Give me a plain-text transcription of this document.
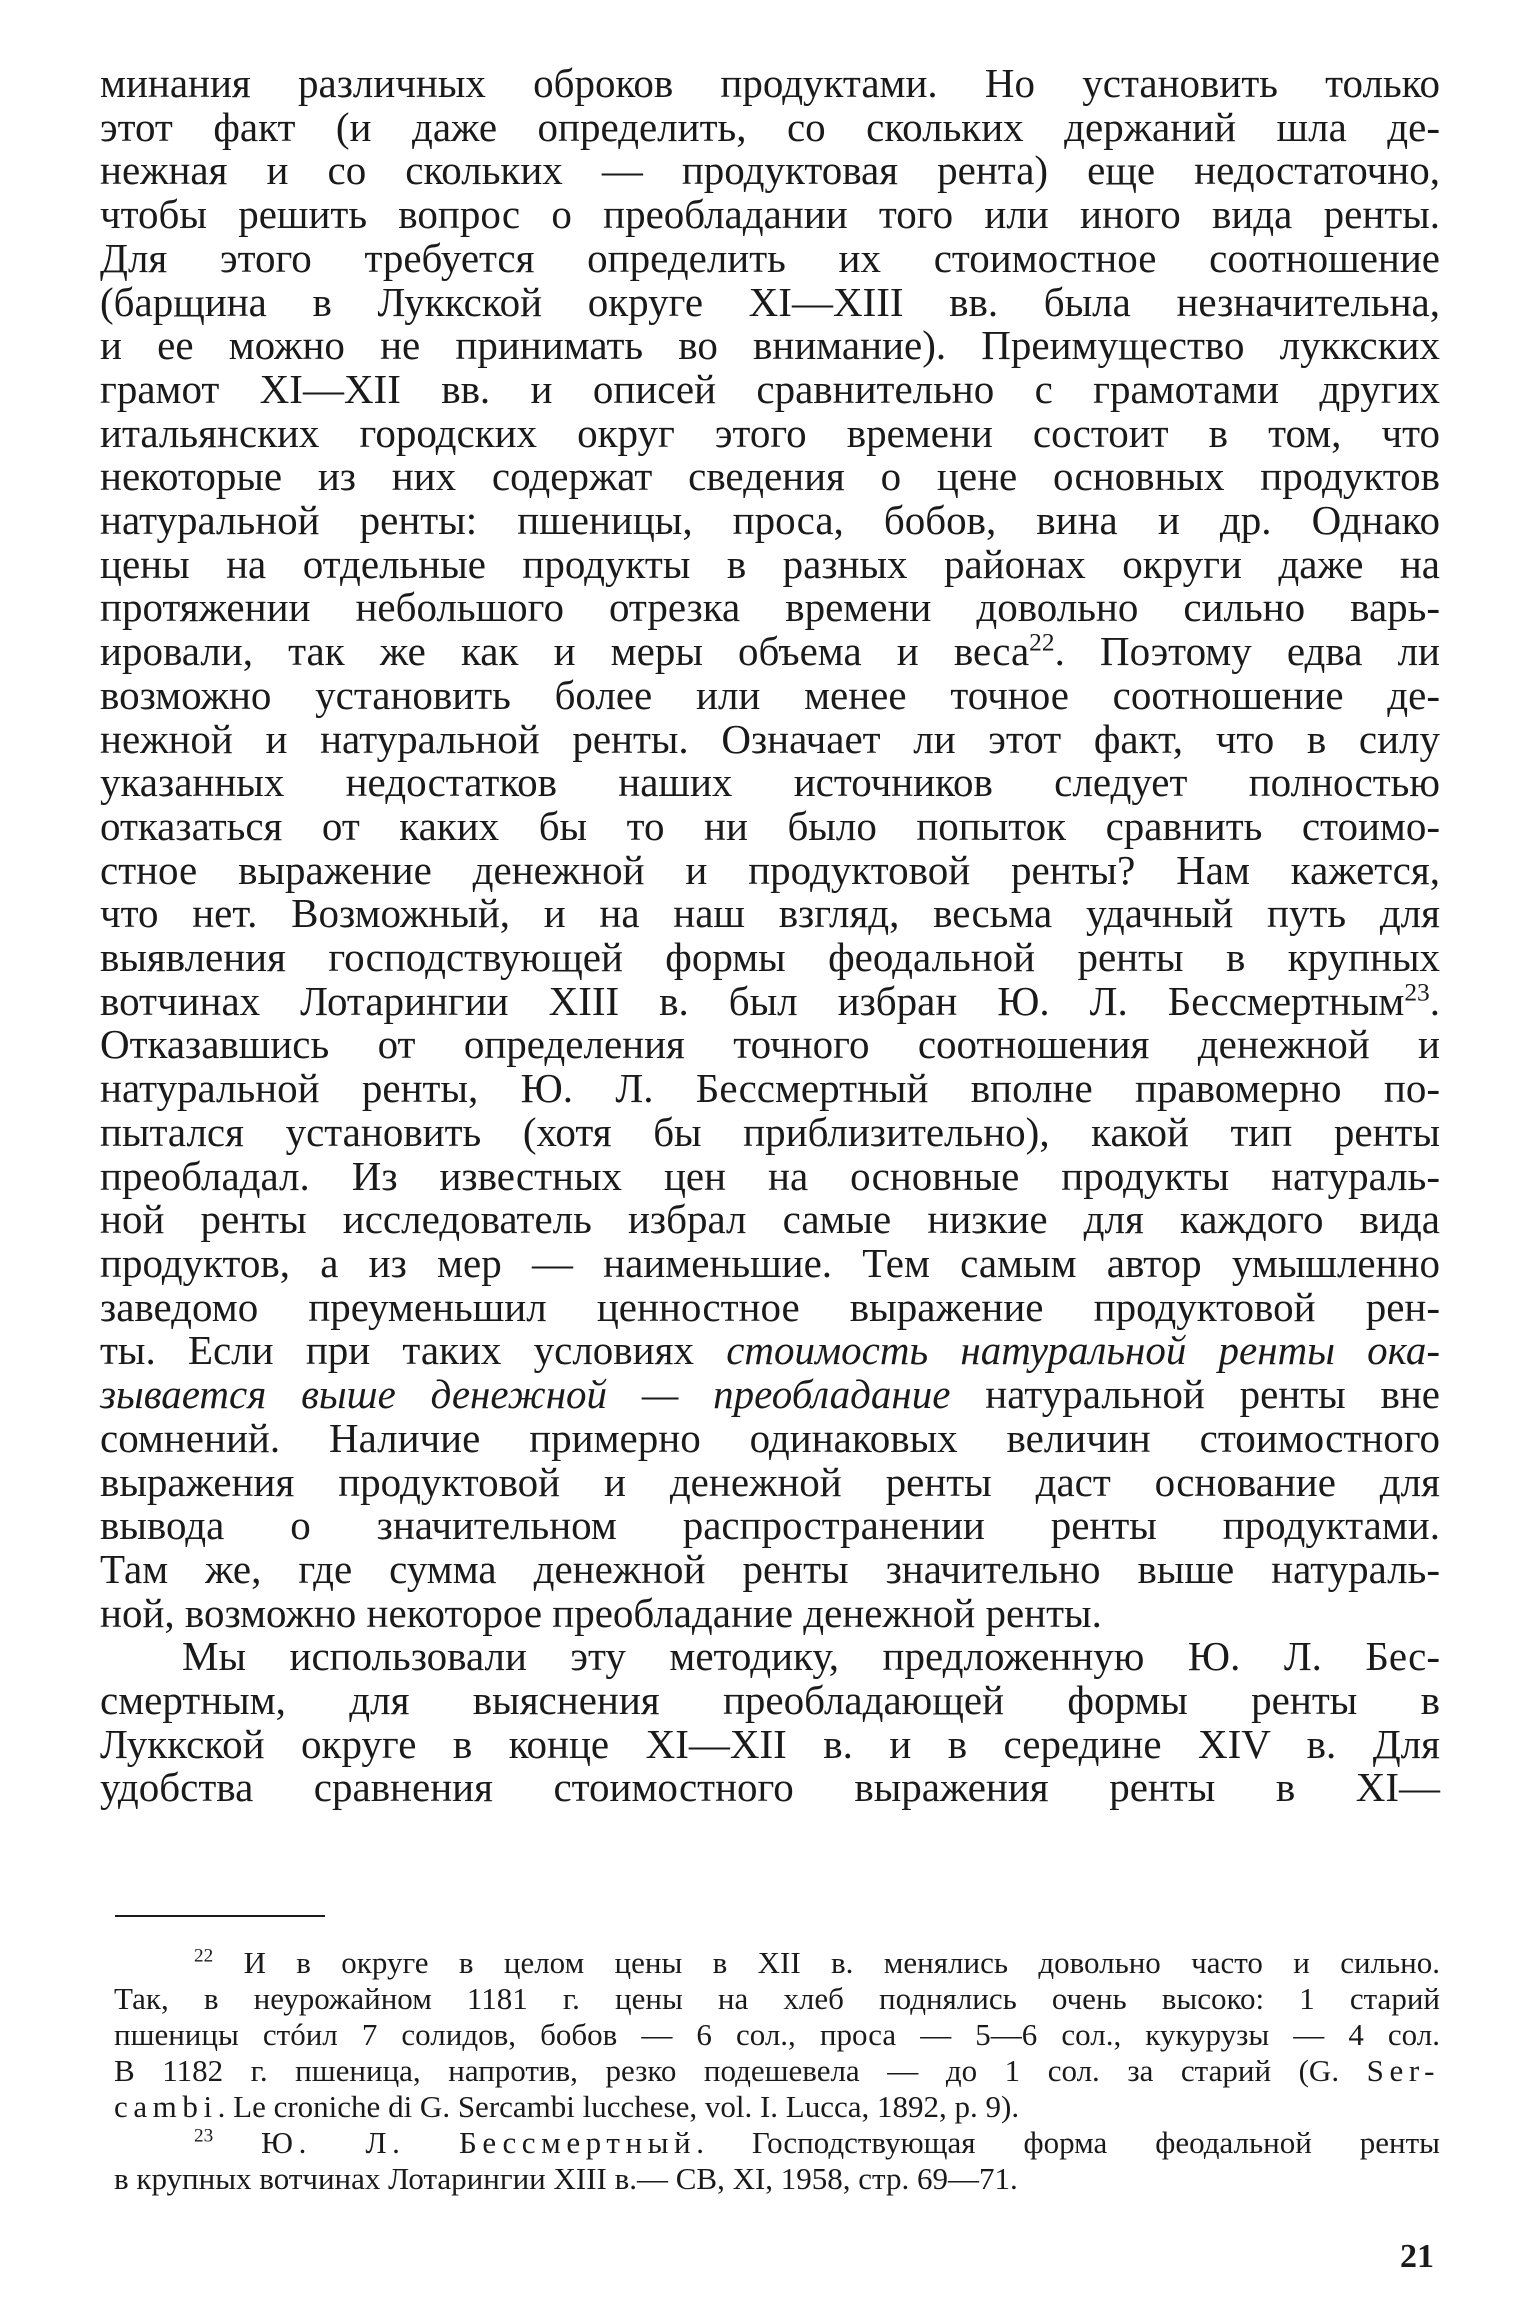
минания различных оброков продуктами. Но установить только
этот факт (и даже определить, со скольких держаний шла де-
нежная и со скольких — продуктовая рента) еще недостаточно,
чтобы решить вопрос о преобладании того или иного вида ренты.
Для этого требуется определить их стоимостное соотношение
(барщина в Луккской округе XI—XIII вв. была незначительна,
и ее можно не принимать во внимание). Преимущество луккских
грамот XI—XII вв. и описей сравнительно с грамотами других
итальянских городских округ этого времени состоит в том, что
некоторые из них содержат сведения о цене основных продуктов
натуральной ренты: пшеницы, проса, бобов, вина и др. Однако
цены на отдельные продукты в разных районах округи даже на
протяжении небольшого отрезка времени довольно сильно варь-
ировали, так же как и меры объема и веса$^{22}$. Поэтому едва ли
возможно установить более или менее точное соотношение де-
нежной и натуральной ренты. Означает ли этот факт, что в силу
указанных недостатков наших источников следует полностью
отказаться от каких бы то ни было попыток сравнить стоимо-
стное выражение денежной и продуктовой ренты? Нам кажется,
что нет. Возможный, и на наш взгляд, весьма удачный путь для
выявления господствующей формы феодальной ренты в крупных
вотчинах Лотарингии XIII в. был избран Ю. Л. Бессмертным$^{23}$.
Отказавшись от определения точного соотношения денежной и
натуральной ренты, Ю. Л. Бессмертный вполне правомерно по-
пытался установить (хотя бы приблизительно), какой тип ренты
преобладал. Из известных цен на основные продукты натураль-
ной ренты исследователь избрал самые низкие для каждого вида
продуктов, а из мер — наименьшие. Тем самым автор умышленно
заведомо преуменьшил ценностное выражение продуктовой рен-
ты. Если при таких условиях стоимость натуральной ренты ока-
зывается выше денежной — преобладание натуральной ренты вне
сомнений. Наличие примерно одинаковых величин стоимостного
выражения продуктовой и денежной ренты даст основание для
вывода о значительном распространении ренты продуктами.
Там же, где сумма денежной ренты значительно выше натураль-
ной, возможно некоторое преобладание денежной ренты.
Мы использовали эту методику, предложенную Ю. Л. Бес-
смертным, для выяснения преобладающей формы ренты в
Луккской округе в конце XI—XII в. и в середине XIV в. Для
удобства сравнения стоимостного выражения ренты в XI—
$^{22}$ И в округе в целом цены в XII в. менялись довольно часто и сильно.
Так, в неурожайном 1181 г. цены на хлеб поднялись очень высоко: 1 старий
пшеницы стóил 7 солидов, бобов — 6 сол., проса — 5—6 сол., кукурузы — 4 сол.
В 1182 г. пшеница, напротив, резко подешевела — до 1 сол. за старий (G. Ser-
cambi. Le croniche di G. Sercambi lucchese, vol. I. Lucca, 1892, p. 9).
$^{23}$ Ю. Л. Бессмертный. Господствующая форма феодальной ренты
в крупных вотчинах Лотарингии XIII в.— СВ, XI, 1958, стр. 69—71.
21
